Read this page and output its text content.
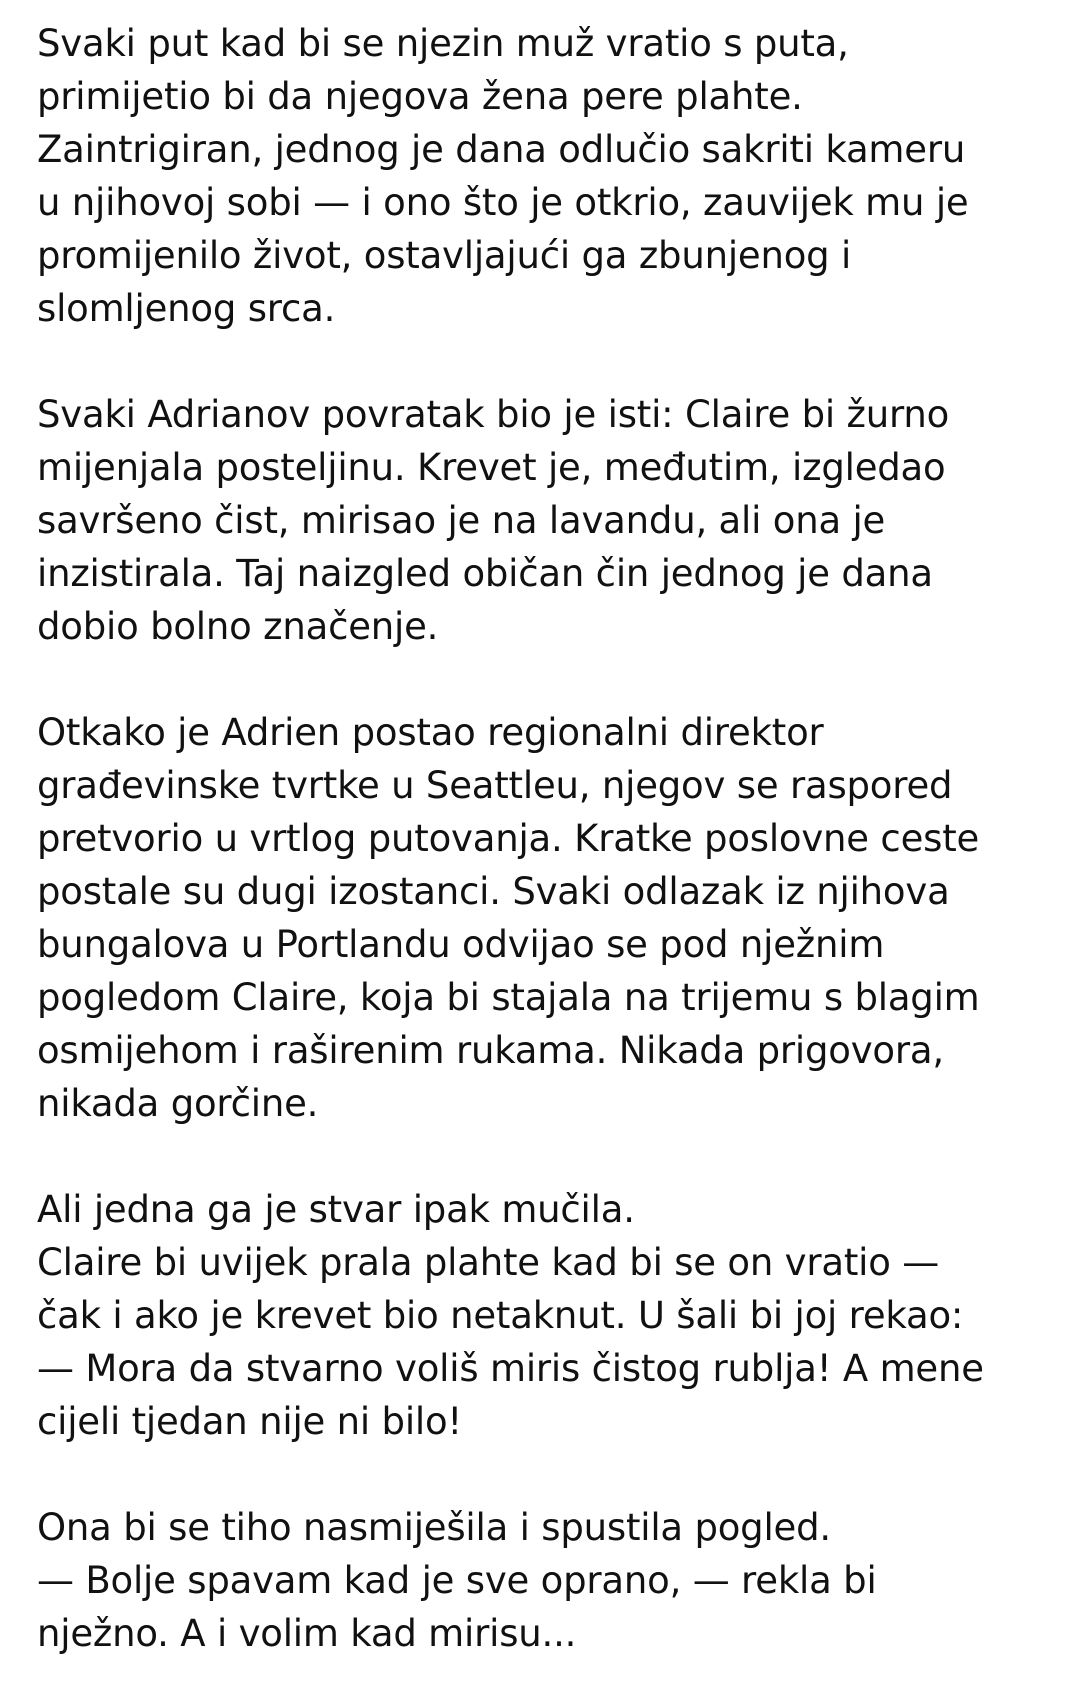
Svaki put kad bi se njezin muž vratio s puta,
primijetio bi da njegova žena pere plahte.
Zaintrigiran, jednog je dana odlučio sakriti kameru
u njihovoj sobi — i ono što je otkrio, zauvijek mu je
promijenilo život, ostavljajući ga zbunjenog i
slomljenog srca.

Svaki Adrianov povratak bio je isti: Claire bi žurno
mijenjala posteljinu. Krevet je, međutim, izgledao
savršeno čist, mirisao je na lavandu, ali ona je
inzistirala. Taj naizgled običan čin jednog je dana
dobio bolno značenje.

Otkako je Adrien postao regionalni direktor
građevinske tvrtke u Seattleu, njegov se raspored
pretvorio u vrtlog putovanja. Kratke poslovne ceste
postale su dugi izostanci. Svaki odlazak iz njihova
bungalova u Portlandu odvijao se pod nježnim
pogledom Claire, koja bi stajala na trijemu s blagim
osmijehom i raširenim rukama. Nikada prigovora,
nikada gorčine.

Ali jedna ga je stvar ipak mučila.
Claire bi uvijek prala plahte kad bi se on vratio —
čak i ako je krevet bio netaknut. U šali bi joj rekao:
— Mora da stvarno voliš miris čistog rublja! A mene
cijeli tjedan nije ni bilo!

Ona bi se tiho nasmiješila i spustila pogled.
— Bolje spavam kad je sve oprano, — rekla bi
nježno. A i volim kad mirisu...
